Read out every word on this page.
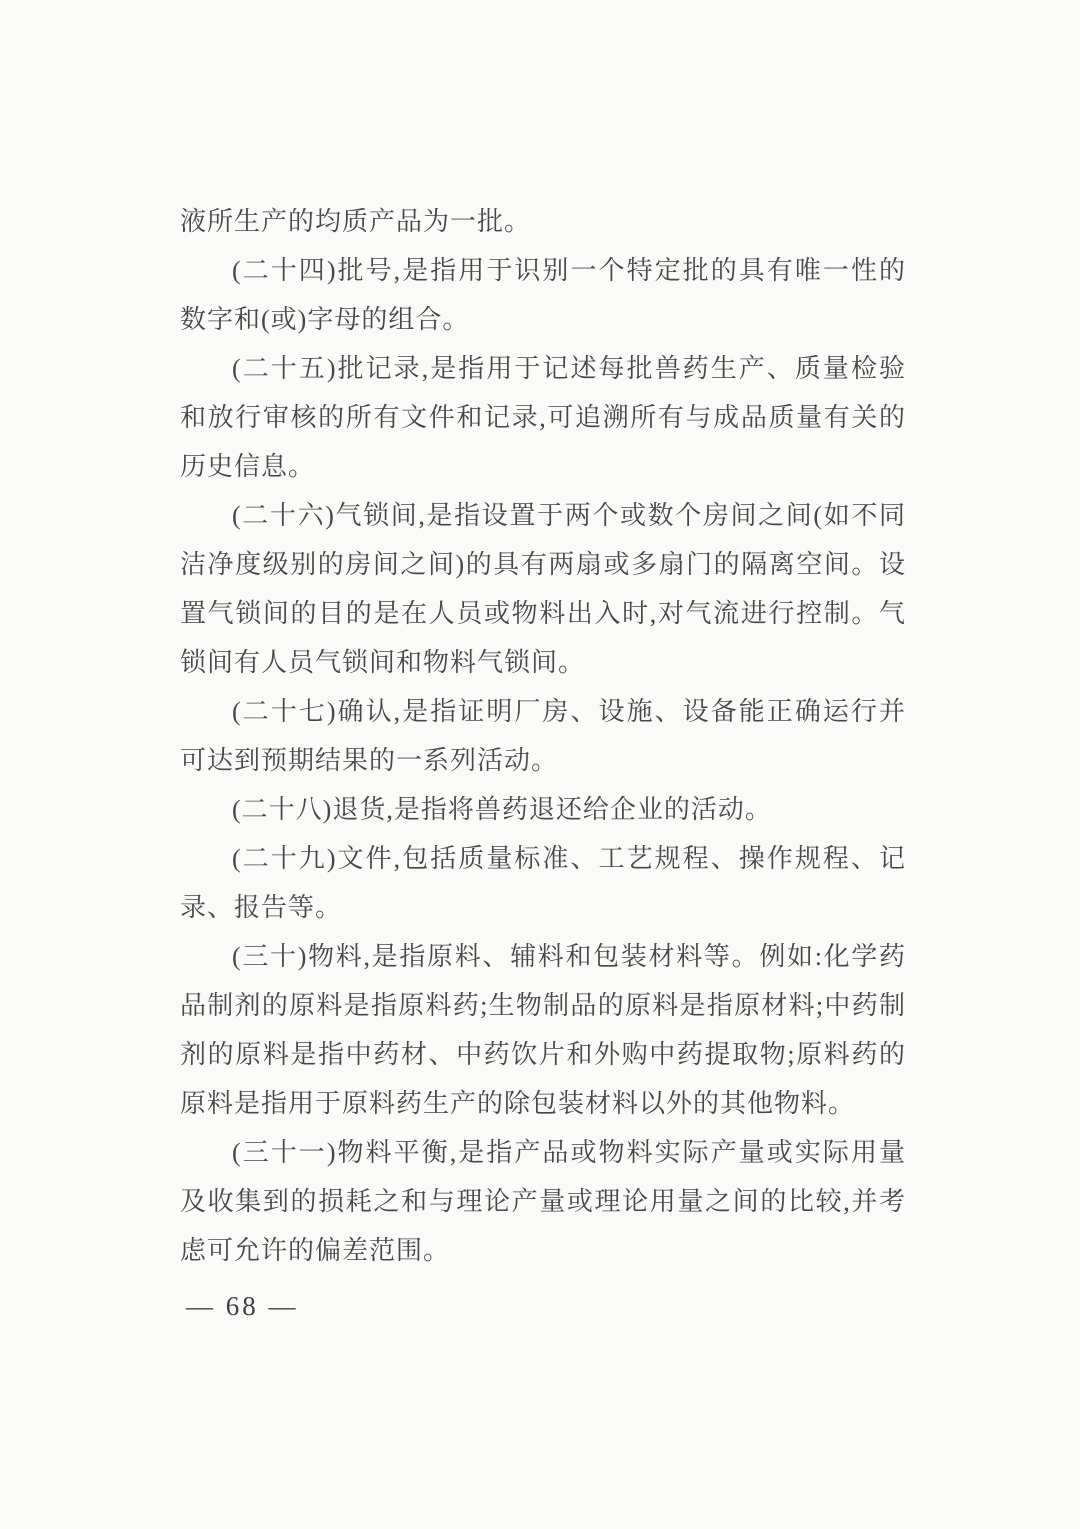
液所生产的均质产品为一批。

(二十四)批号,是指用于识别一个特定批的具有唯一性的数字和(或)字母的组合。

(二十五)批记录,是指用于记述每批兽药生产、质量检验和放行审核的所有文件和记录,可追溯所有与成品质量有关的历史信息。

(二十六)气锁间,是指设置于两个或数个房间之间(如不同洁净度级别的房间之间)的具有两扇或多扇门的隔离空间。设置气锁间的目的是在人员或物料出入时,对气流进行控制。气锁间有人员气锁间和物料气锁间。

(二十七)确认,是指证明厂房、设施、设备能正确运行并可达到预期结果的一系列活动。

(二十八)退货,是指将兽药退还给企业的活动。

(二十九)文件,包括质量标准、工艺规程、操作规程、记录、报告等。

(三十)物料,是指原料、辅料和包装材料等。例如:化学药品制剂的原料是指原料药;生物制品的原料是指原材料;中药制剂的原料是指中药材、中药饮片和外购中药提取物;原料药的原料是指用于原料药生产的除包装材料以外的其他物料。

(三十一)物料平衡,是指产品或物料实际产量或实际用量及收集到的损耗之和与理论产量或理论用量之间的比较,并考虑可允许的偏差范围。

— 68 —
